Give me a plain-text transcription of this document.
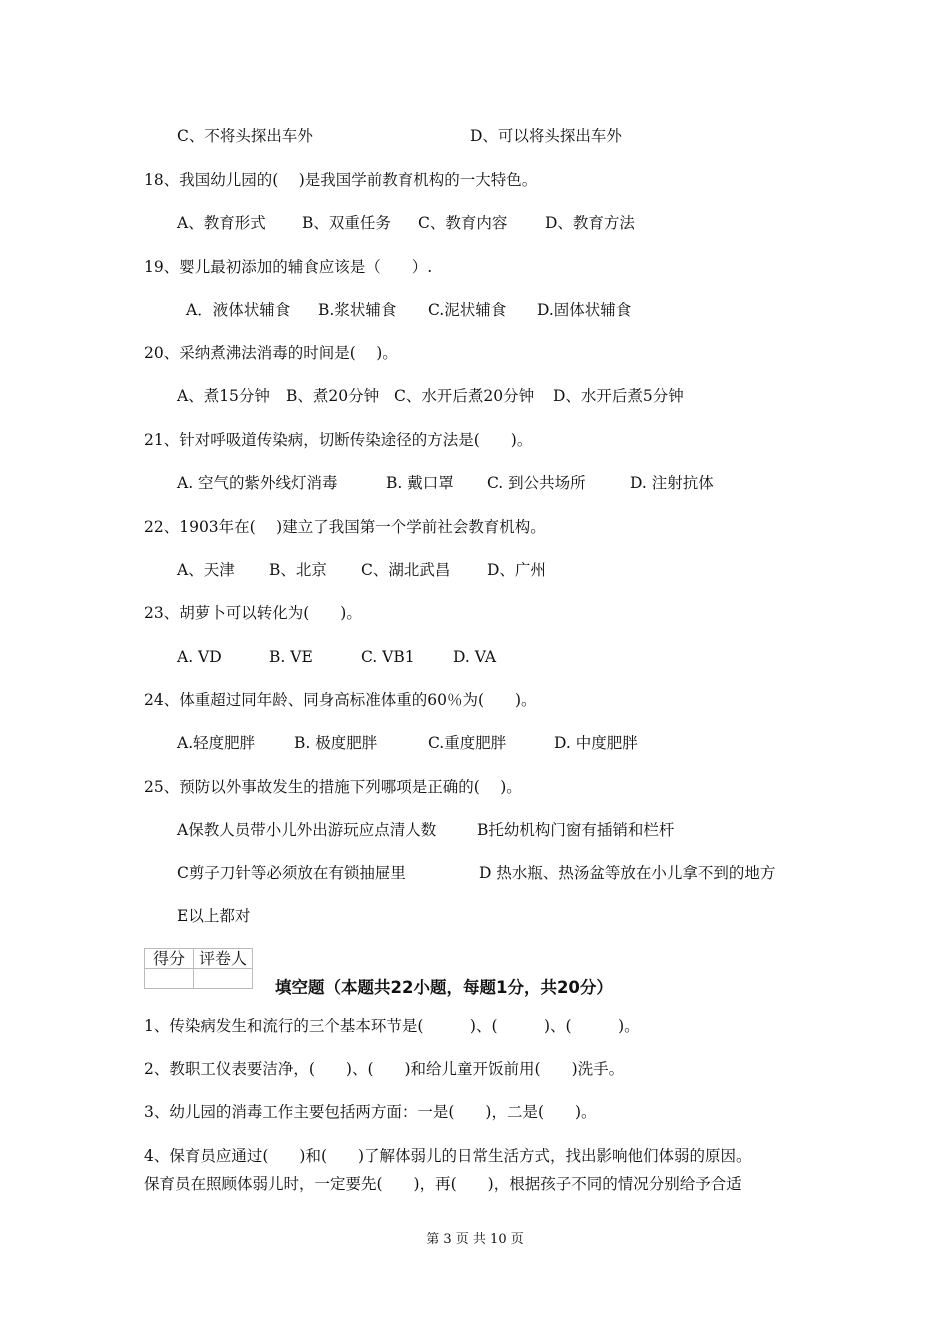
C、不将头探出车外	D、可以将头探出车外
18、我国幼儿园的(　 )是我国学前教育机构的一大特色。
A、教育形式 B、双重任务 C、教育内容 D、教育方法
19、婴儿最初添加的辅食应该是（　　）.
A．液体状辅食 B.浆状辅食 C.泥状辅食 D.固体状辅食
20、采纳煮沸法消毒的时间是(　 )。
A、煮15分钟 B、煮20分钟 C、水开后煮20分钟 D、水开后煮5分钟
21、针对呼吸道传染病，切断传染途径的方法是(　　)。
A. 空气的紫外线灯消毒	B. 戴口罩 C. 到公共场所	D. 注射抗体
22、1903年在(　 )建立了我国第一个学前社会教育机构。
A、天津 B、北京 C、湖北武昌 D、广州
23、胡萝卜可以转化为(　　)。
A. VD	B. VE	C. VB1 D. VA
24、体重超过同年龄、同身高标准体重的60％为(　　)。
A.轻度肥胖	B. 极度肥胖	C.重度肥胖	D. 中度肥胖
25、预防以外事故发生的措施下列哪项是正确的(　 )。
A保教人员带小儿外出游玩应点清人数	B托幼机构门窗有插销和栏杆
C剪子刀针等必须放在有锁抽屉里	D 热水瓶、热汤盆等放在小儿拿不到的地方
E以上都对
得分	评卷人

填空题（本题共22小题，每题1分，共20分）
1、传染病发生和流行的三个基本环节是(　　　)、(　　　)、(　　　)。
2、教职工仪表要洁净，(　　)、(　　)和给儿童开饭前用(　　)洗手。
3、幼儿园的消毒工作主要包括两方面：一是(　　)，二是(　　)。
4、保育员应通过(　　)和(　　)了解体弱儿的日常生活方式，找出影响他们体弱的原因。
保育员在照顾体弱儿时，一定要先(　　)，再(　　)，根据孩子不同的情况分别给予合适
第 3 页 共 10 页
